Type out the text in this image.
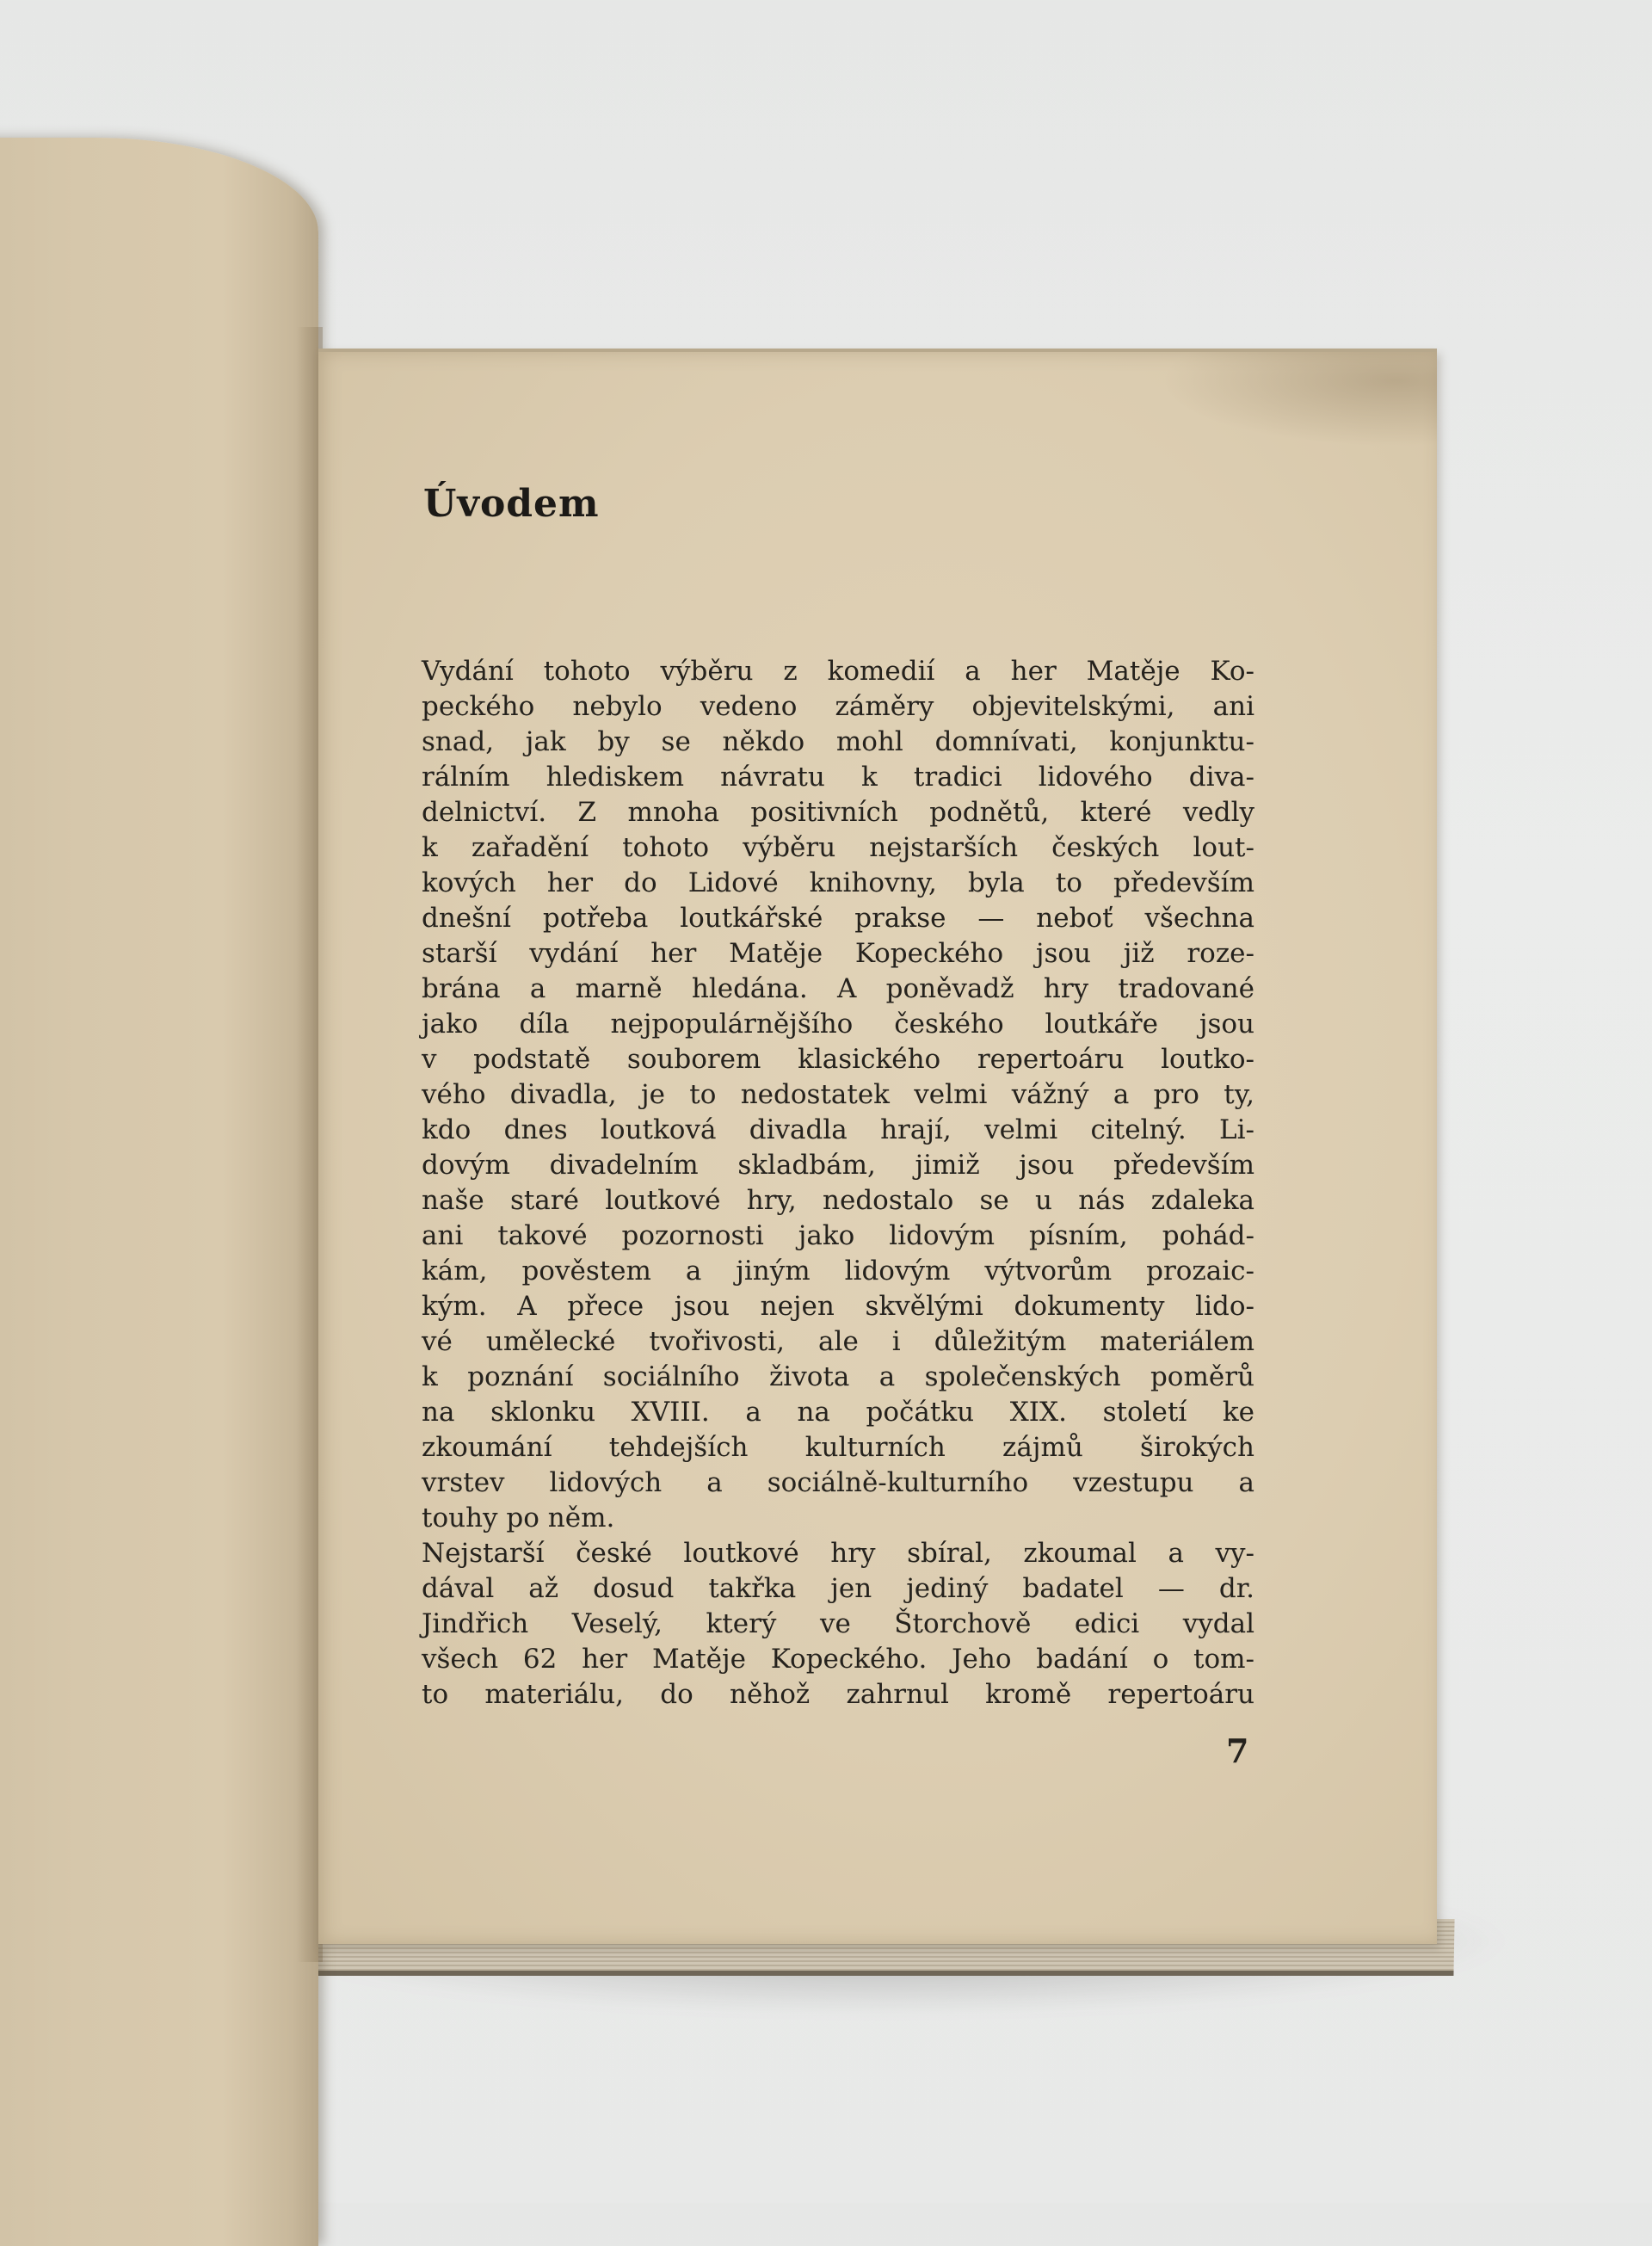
Úvodem
Vydání tohoto výběru z komedií a her Matěje Ko-
peckého nebylo vedeno záměry objevitelskými, ani
snad, jak by se někdo mohl domnívati, konjunktu-
rálním hlediskem návratu k tradici lidového diva-
delnictví. Z mnoha positivních podnětů, které vedly
k zařadění tohoto výběru nejstarších českých lout-
kových her do Lidové knihovny, byla to především
dnešní potřeba loutkářské prakse — neboť všechna
starší vydání her Matěje Kopeckého jsou již roze-
brána a marně hledána. A poněvadž hry tradované
jako díla nejpopulárnějšího českého loutkáře jsou
v podstatě souborem klasického repertoáru loutko-
vého divadla, je to nedostatek velmi vážný a pro ty,
kdo dnes loutková divadla hrají, velmi citelný. Li-
dovým divadelním skladbám, jimiž jsou především
naše staré loutkové hry, nedostalo se u nás zdaleka
ani takové pozornosti jako lidovým písním, pohád-
kám, pověstem a jiným lidovým výtvorům prozaic-
kým. A přece jsou nejen skvělými dokumenty lido-
vé umělecké tvořivosti, ale i důležitým materiálem
k poznání sociálního života a společenských poměrů
na sklonku XVIII. a na počátku XIX. století ke
zkoumání tehdejších kulturních zájmů širokých
vrstev lidových a sociálně-kulturního vzestupu a
touhy po něm.
Nejstarší české loutkové hry sbíral, zkoumal a vy-
dával až dosud takřka jen jediný badatel — dr.
Jindřich Veselý, který ve Štorchově edici vydal
všech 62 her Matěje Kopeckého. Jeho badání o tom-
to materiálu, do něhož zahrnul kromě repertoáru
7
